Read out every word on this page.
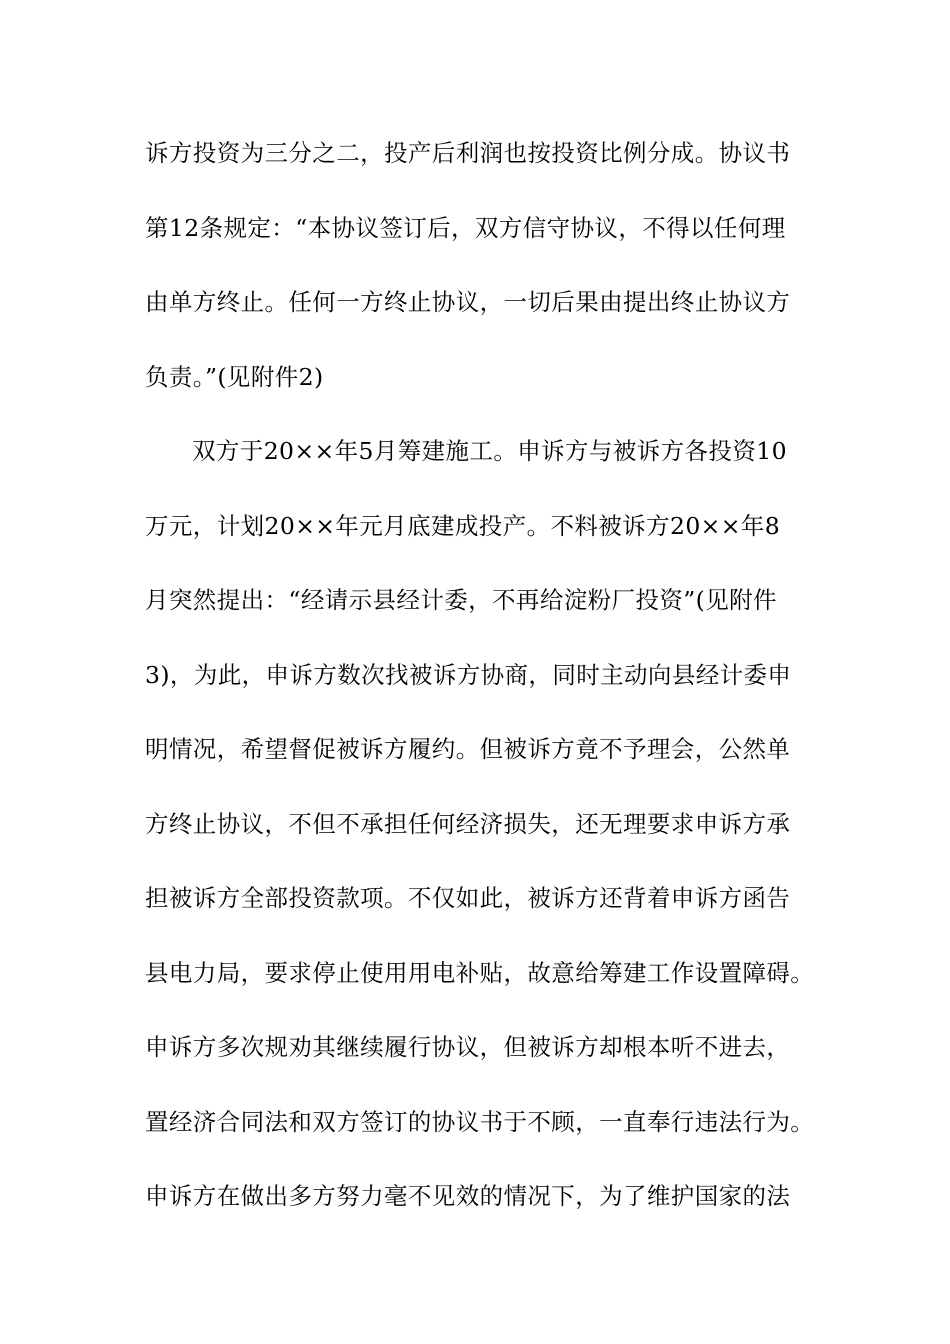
诉方投资为三分之二，投产后利润也按投资比例分成。协议书
第12条规定：“本协议签订后，双方信守协议，不得以任何理
由单方终止。任何一方终止协议，一切后果由提出终止协议方
负责。”(见附件2)
双方于20××年5月筹建施工。申诉方与被诉方各投资10
万元，计划20××年元月底建成投产。不料被诉方20××年8
月突然提出：“经请示县经计委，不再给淀粉厂投资”(见附件
3)，为此，申诉方数次找被诉方协商，同时主动向县经计委申
明情况，希望督促被诉方履约。但被诉方竟不予理会，公然单
方终止协议，不但不承担任何经济损失，还无理要求申诉方承
担被诉方全部投资款项。不仅如此，被诉方还背着申诉方函告
县电力局，要求停止使用用电补贴，故意给筹建工作设置障碍。
申诉方多次规劝其继续履行协议，但被诉方却根本听不进去，
置经济合同法和双方签订的协议书于不顾，一直奉行违法行为。
申诉方在做出多方努力毫不见效的情况下，为了维护国家的法
